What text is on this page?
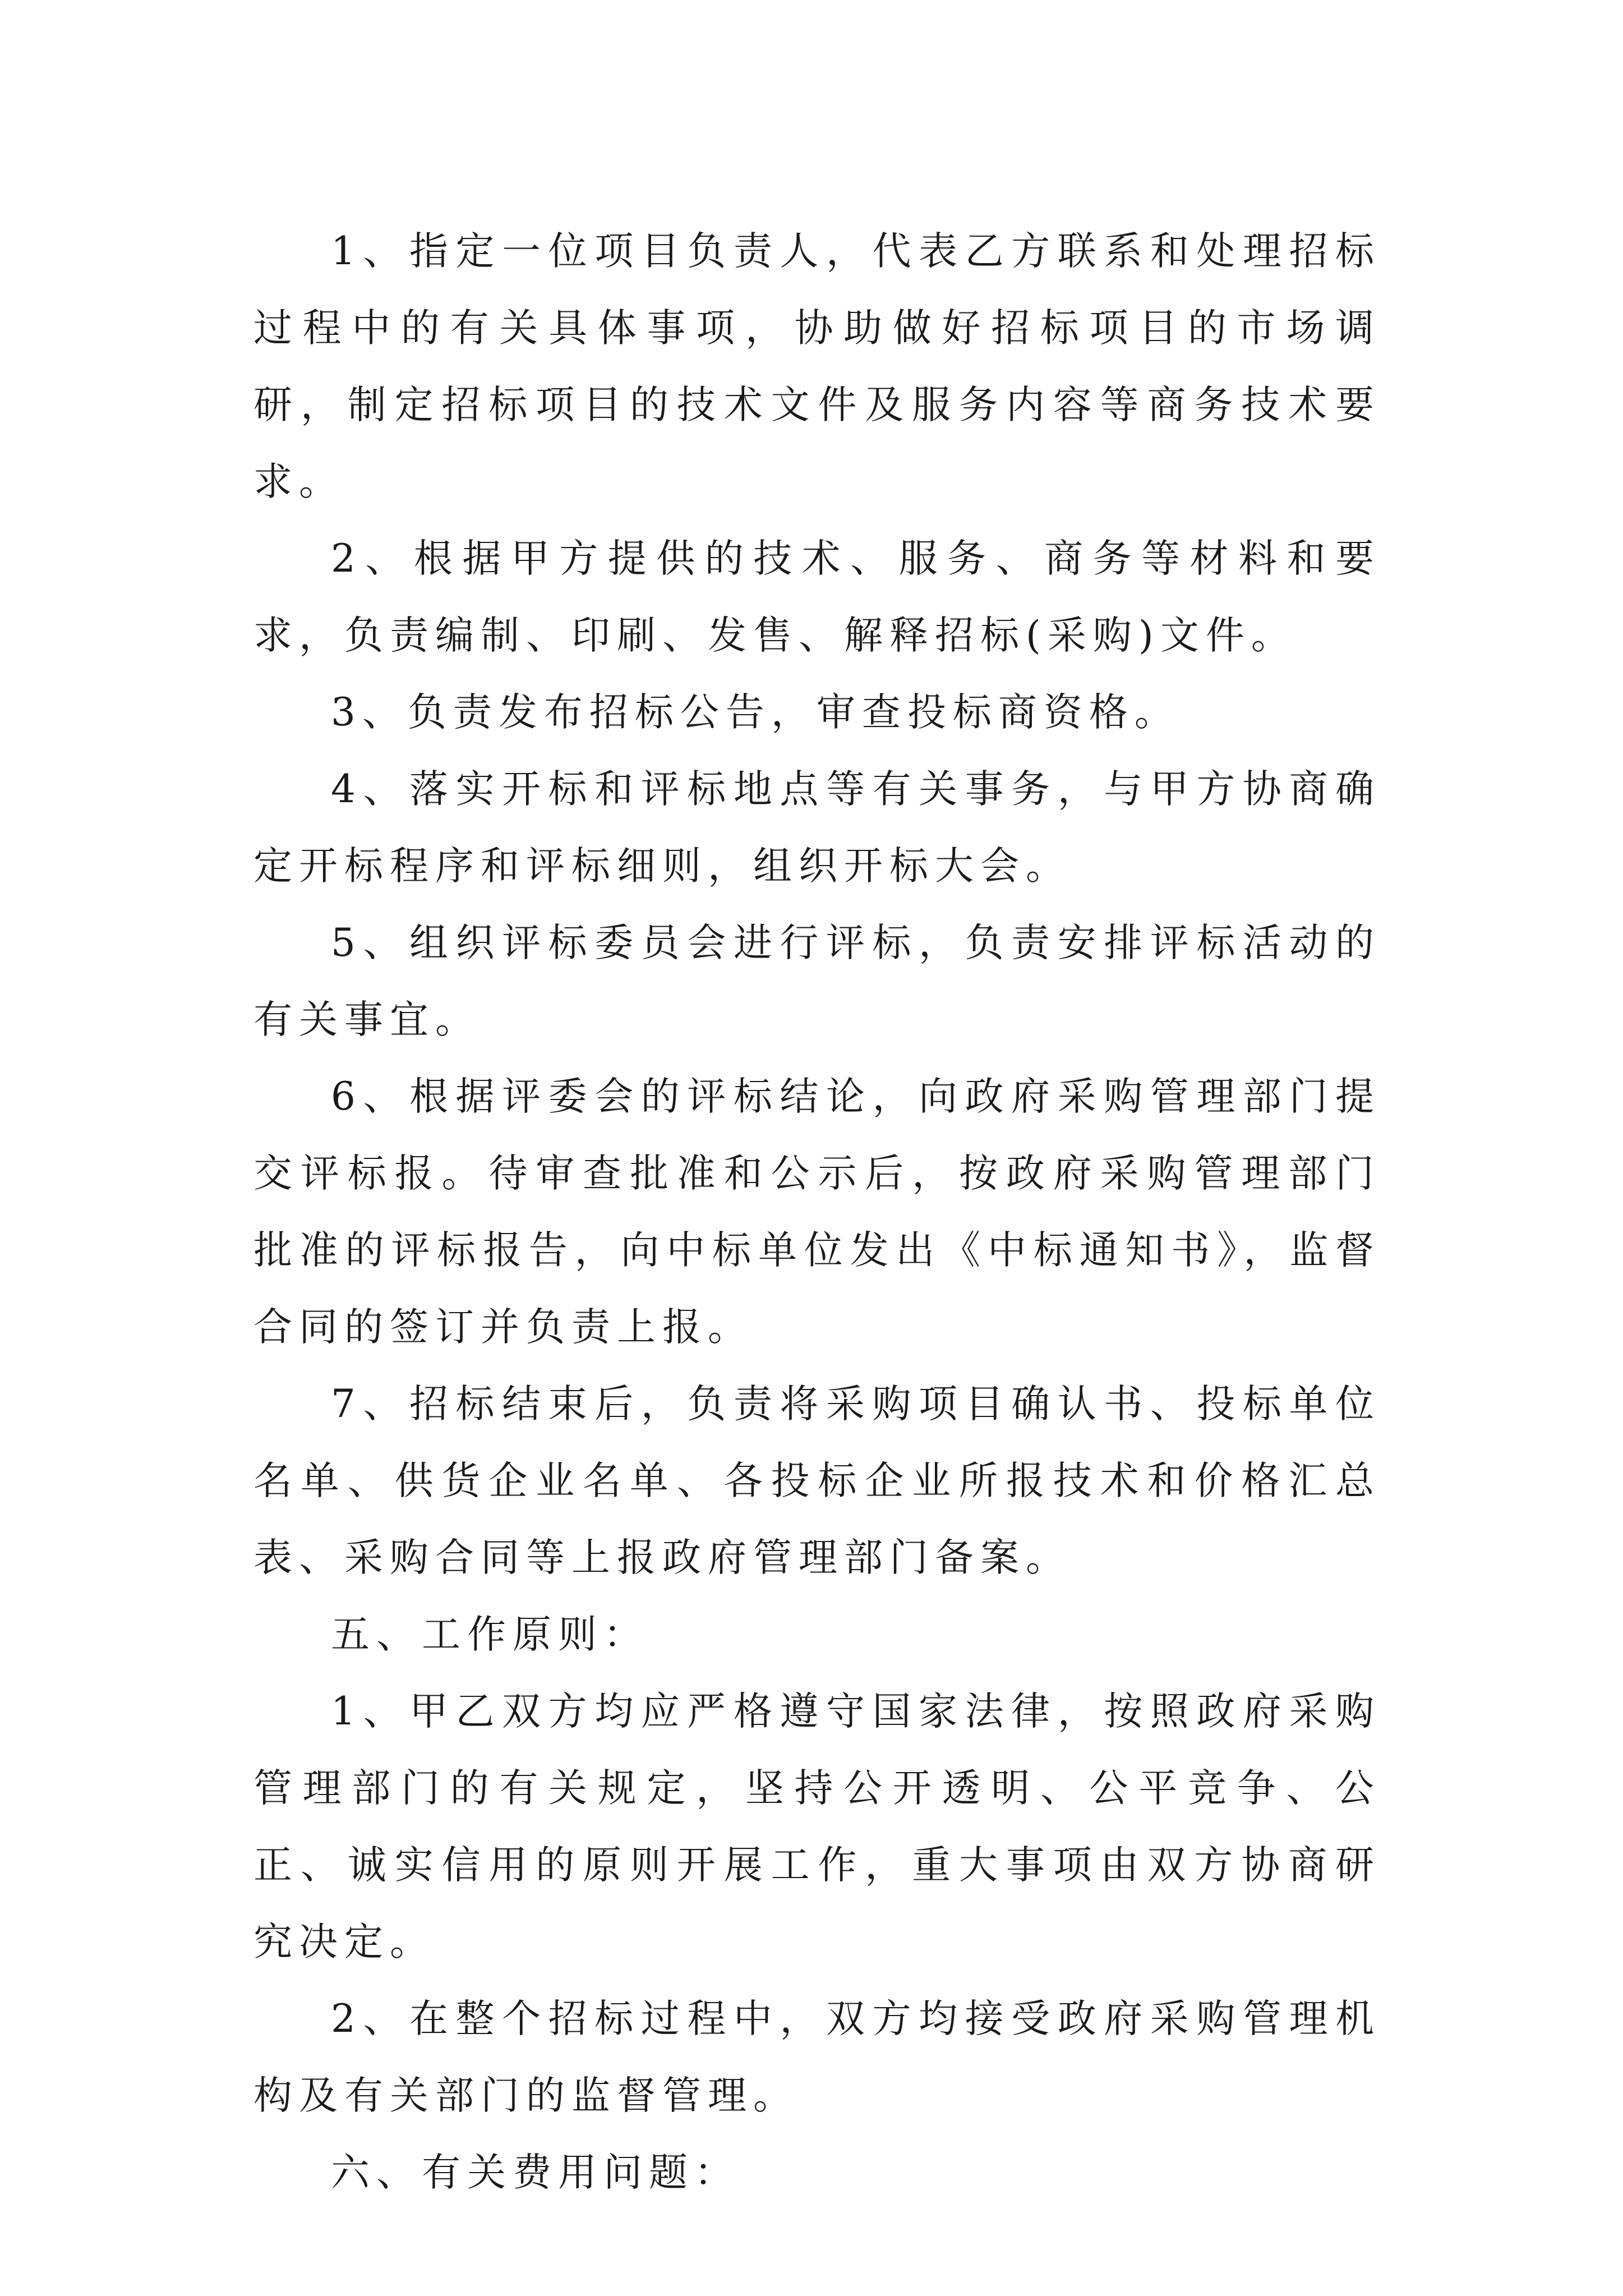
1、指定一位项目负责人，代表乙方联系和处理招标过程中的有关具体事项，协助做好招标项目的市场调研，制定招标项目的技术文件及服务内容等商务技术要求。

2、根据甲方提供的技术、服务、商务等材料和要求，负责编制、印刷、发售、解释招标(采购)文件。

3、负责发布招标公告，审查投标商资格。

4、落实开标和评标地点等有关事务，与甲方协商确定开标程序和评标细则，组织开标大会。

5、组织评标委员会进行评标，负责安排评标活动的有关事宜。

6、根据评委会的评标结论，向政府采购管理部门提交评标报。待审查批准和公示后，按政府采购管理部门批准的评标报告，向中标单位发出《中标通知书》，监督合同的签订并负责上报。

7、招标结束后，负责将采购项目确认书、投标单位名单、供货企业名单、各投标企业所报技术和价格汇总表、采购合同等上报政府管理部门备案。

五、工作原则：

1、甲乙双方均应严格遵守国家法律，按照政府采购管理部门的有关规定，坚持公开透明、公平竞争、公正、诚实信用的原则开展工作，重大事项由双方协商研究决定。

2、在整个招标过程中，双方均接受政府采购管理机构及有关部门的监督管理。

六、有关费用问题：
